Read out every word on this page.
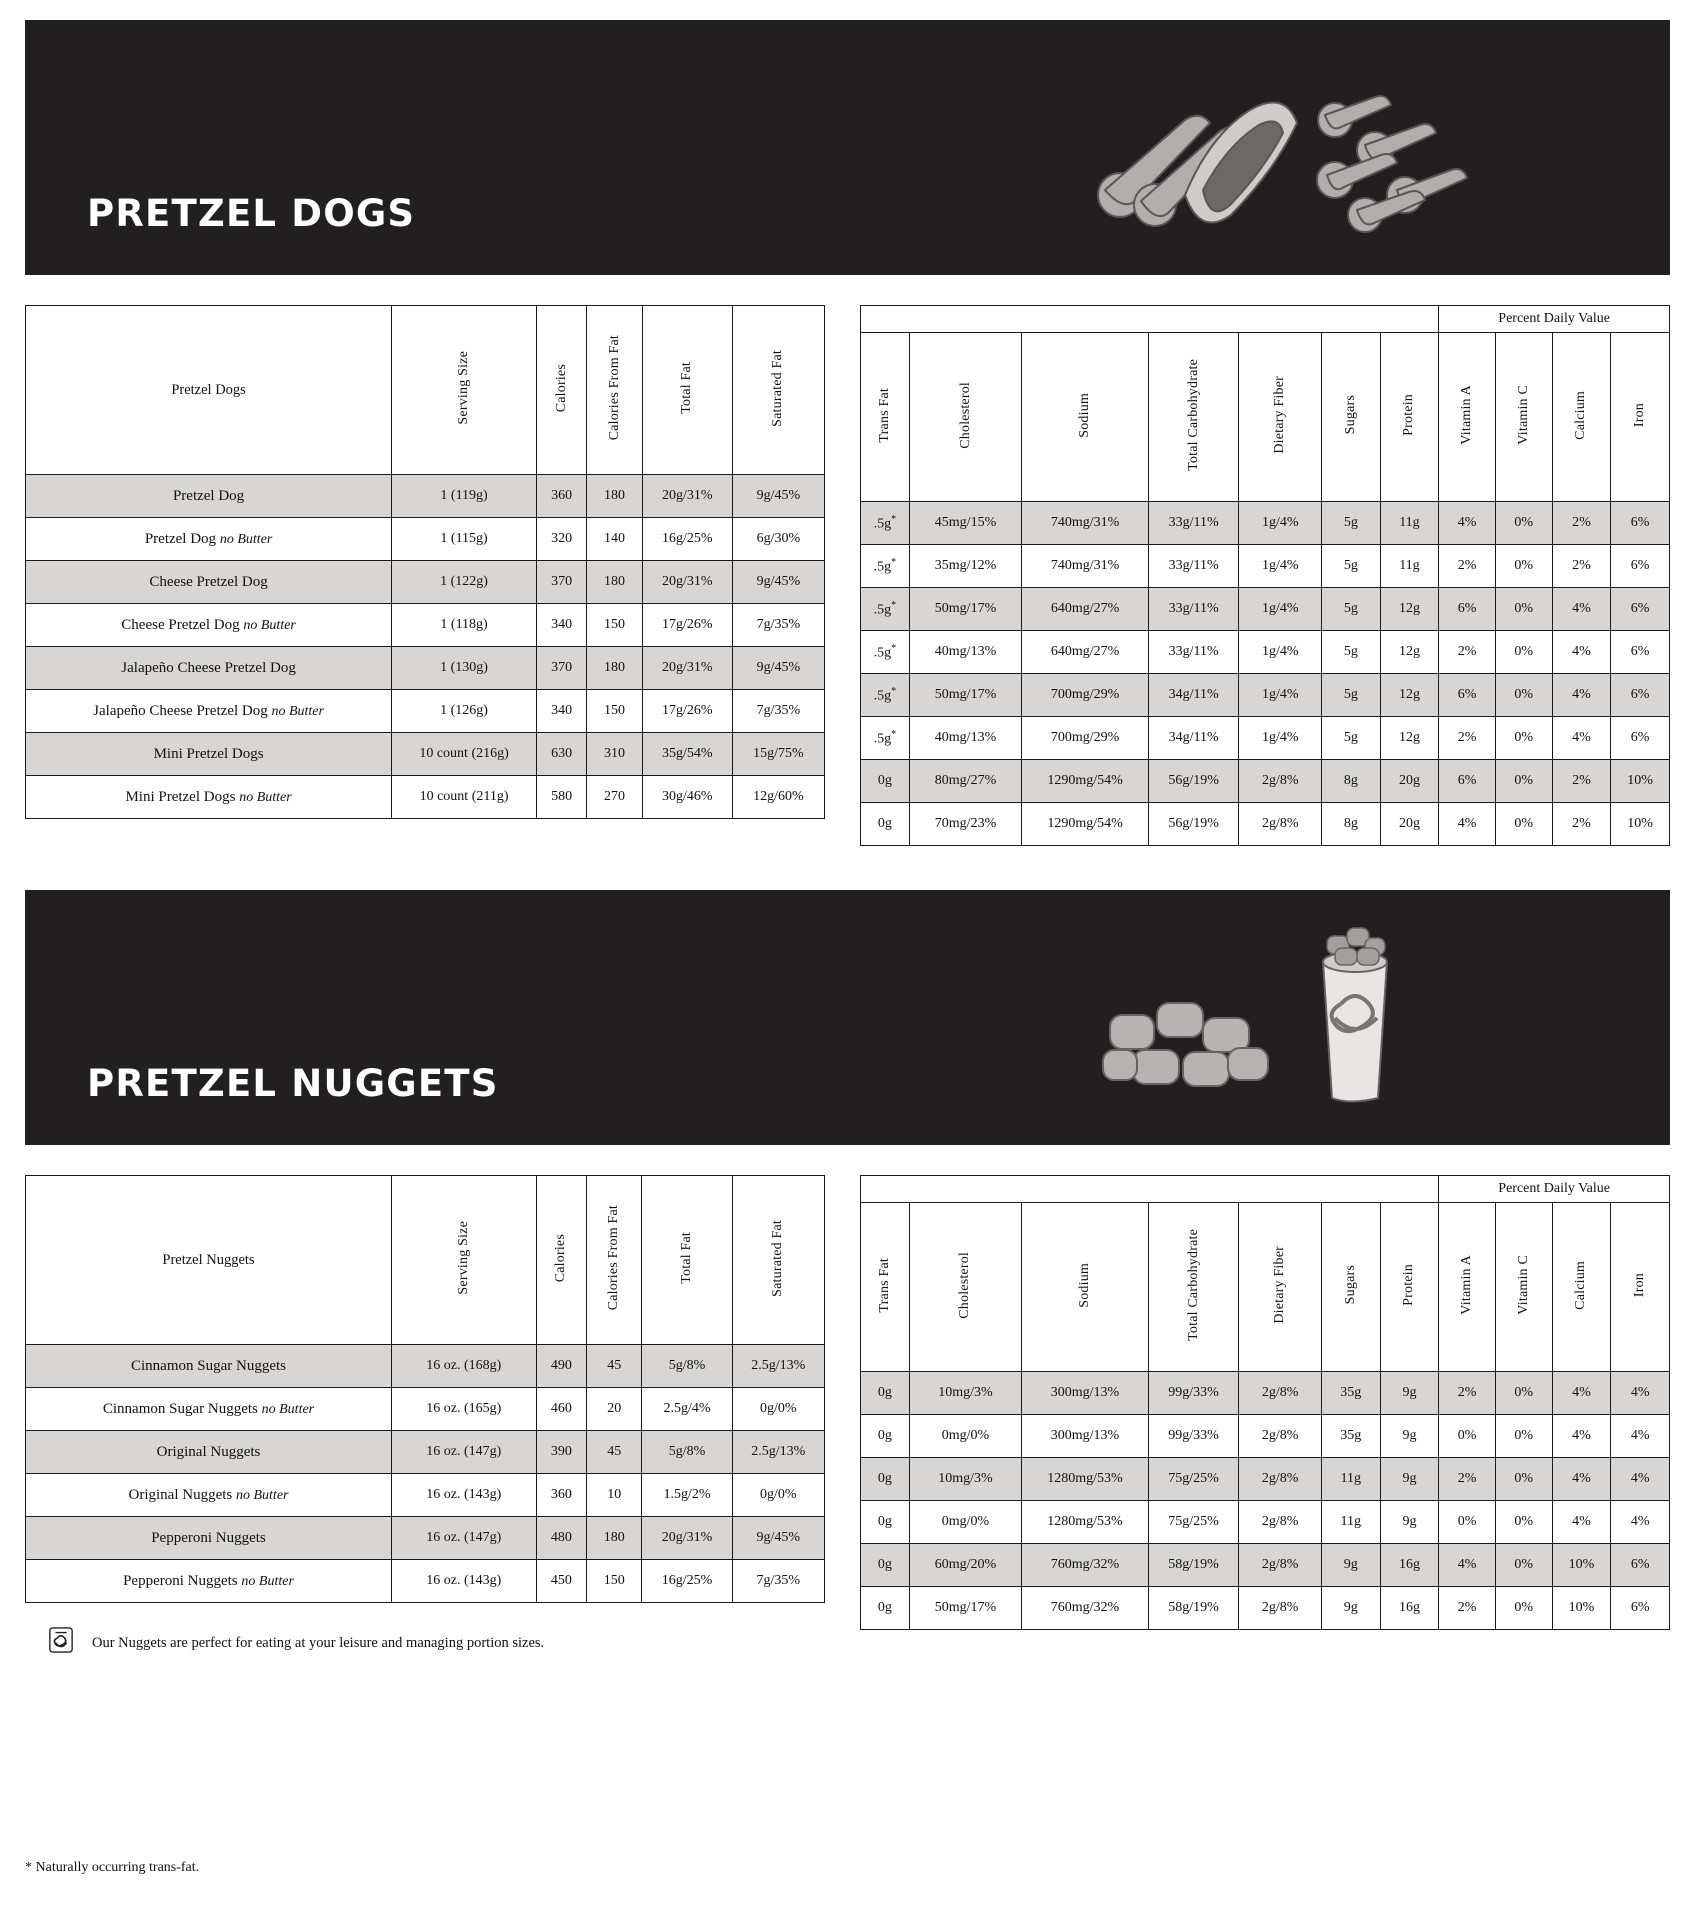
PRETZEL DOGS
Pretzel Dogs	Serving Size	Calories	Calories From Fat	Total Fat	Saturated Fat
Pretzel Dog	1 (119g)	360	180	20g/31%	9g/45%
Pretzel Dog no Butter	1 (115g)	320	140	16g/25%	6g/30%
Cheese Pretzel Dog	1 (122g)	370	180	20g/31%	9g/45%
Cheese Pretzel Dog no Butter	1 (118g)	340	150	17g/26%	7g/35%
Jalapeño Cheese Pretzel Dog	1 (130g)	370	180	20g/31%	9g/45%
Jalapeño Cheese Pretzel Dog no Butter	1 (126g)	340	150	17g/26%	7g/35%
Mini Pretzel Dogs	10 count (216g)	630	310	35g/54%	15g/75%
Mini Pretzel Dogs no Butter	10 count (211g)	580	270	30g/46%	12g/60%
							Percent Daily Value			
Trans Fat	Cholesterol	Sodium	Total Carbohydrate	Dietary Fiber	Sugars	Protein	Vitamin A	Vitamin C	Calcium	Iron
.5g*	45mg/15%	740mg/31%	33g/11%	1g/4%	5g	11g	4%	0%	2%	6%
.5g*	35mg/12%	740mg/31%	33g/11%	1g/4%	5g	11g	2%	0%	2%	6%
.5g*	50mg/17%	640mg/27%	33g/11%	1g/4%	5g	12g	6%	0%	4%	6%
.5g*	40mg/13%	640mg/27%	33g/11%	1g/4%	5g	12g	2%	0%	4%	6%
.5g*	50mg/17%	700mg/29%	34g/11%	1g/4%	5g	12g	6%	0%	4%	6%
.5g*	40mg/13%	700mg/29%	34g/11%	1g/4%	5g	12g	2%	0%	4%	6%
0g	80mg/27%	1290mg/54%	56g/19%	2g/8%	8g	20g	6%	0%	2%	10%
0g	70mg/23%	1290mg/54%	56g/19%	2g/8%	8g	20g	4%	0%	2%	10%
PRETZEL NUGGETS
Pretzel Nuggets	Serving Size	Calories	Calories From Fat	Total Fat	Saturated Fat
Cinnamon Sugar Nuggets	16 oz. (168g)	490	45	5g/8%	2.5g/13%
Cinnamon Sugar Nuggets no Butter	16 oz. (165g)	460	20	2.5g/4%	0g/0%
Original Nuggets	16 oz. (147g)	390	45	5g/8%	2.5g/13%
Original Nuggets no Butter	16 oz. (143g)	360	10	1.5g/2%	0g/0%
Pepperoni Nuggets	16 oz. (147g)	480	180	20g/31%	9g/45%
Pepperoni Nuggets no Butter	16 oz. (143g)	450	150	16g/25%	7g/35%
							Percent Daily Value			
Trans Fat	Cholesterol	Sodium	Total Carbohydrate	Dietary Fiber	Sugars	Protein	Vitamin A	Vitamin C	Calcium	Iron
0g	10mg/3%	300mg/13%	99g/33%	2g/8%	35g	9g	2%	0%	4%	4%
0g	0mg/0%	300mg/13%	99g/33%	2g/8%	35g	9g	0%	0%	4%	4%
0g	10mg/3%	1280mg/53%	75g/25%	2g/8%	11g	9g	2%	0%	4%	4%
0g	0mg/0%	1280mg/53%	75g/25%	2g/8%	11g	9g	0%	0%	4%	4%
0g	60mg/20%	760mg/32%	58g/19%	2g/8%	9g	16g	4%	0%	10%	6%
0g	50mg/17%	760mg/32%	58g/19%	2g/8%	9g	16g	2%	0%	10%	6%
Our Nuggets are perfect for eating at your leisure and managing portion sizes.
* Naturally occurring trans-fat.
